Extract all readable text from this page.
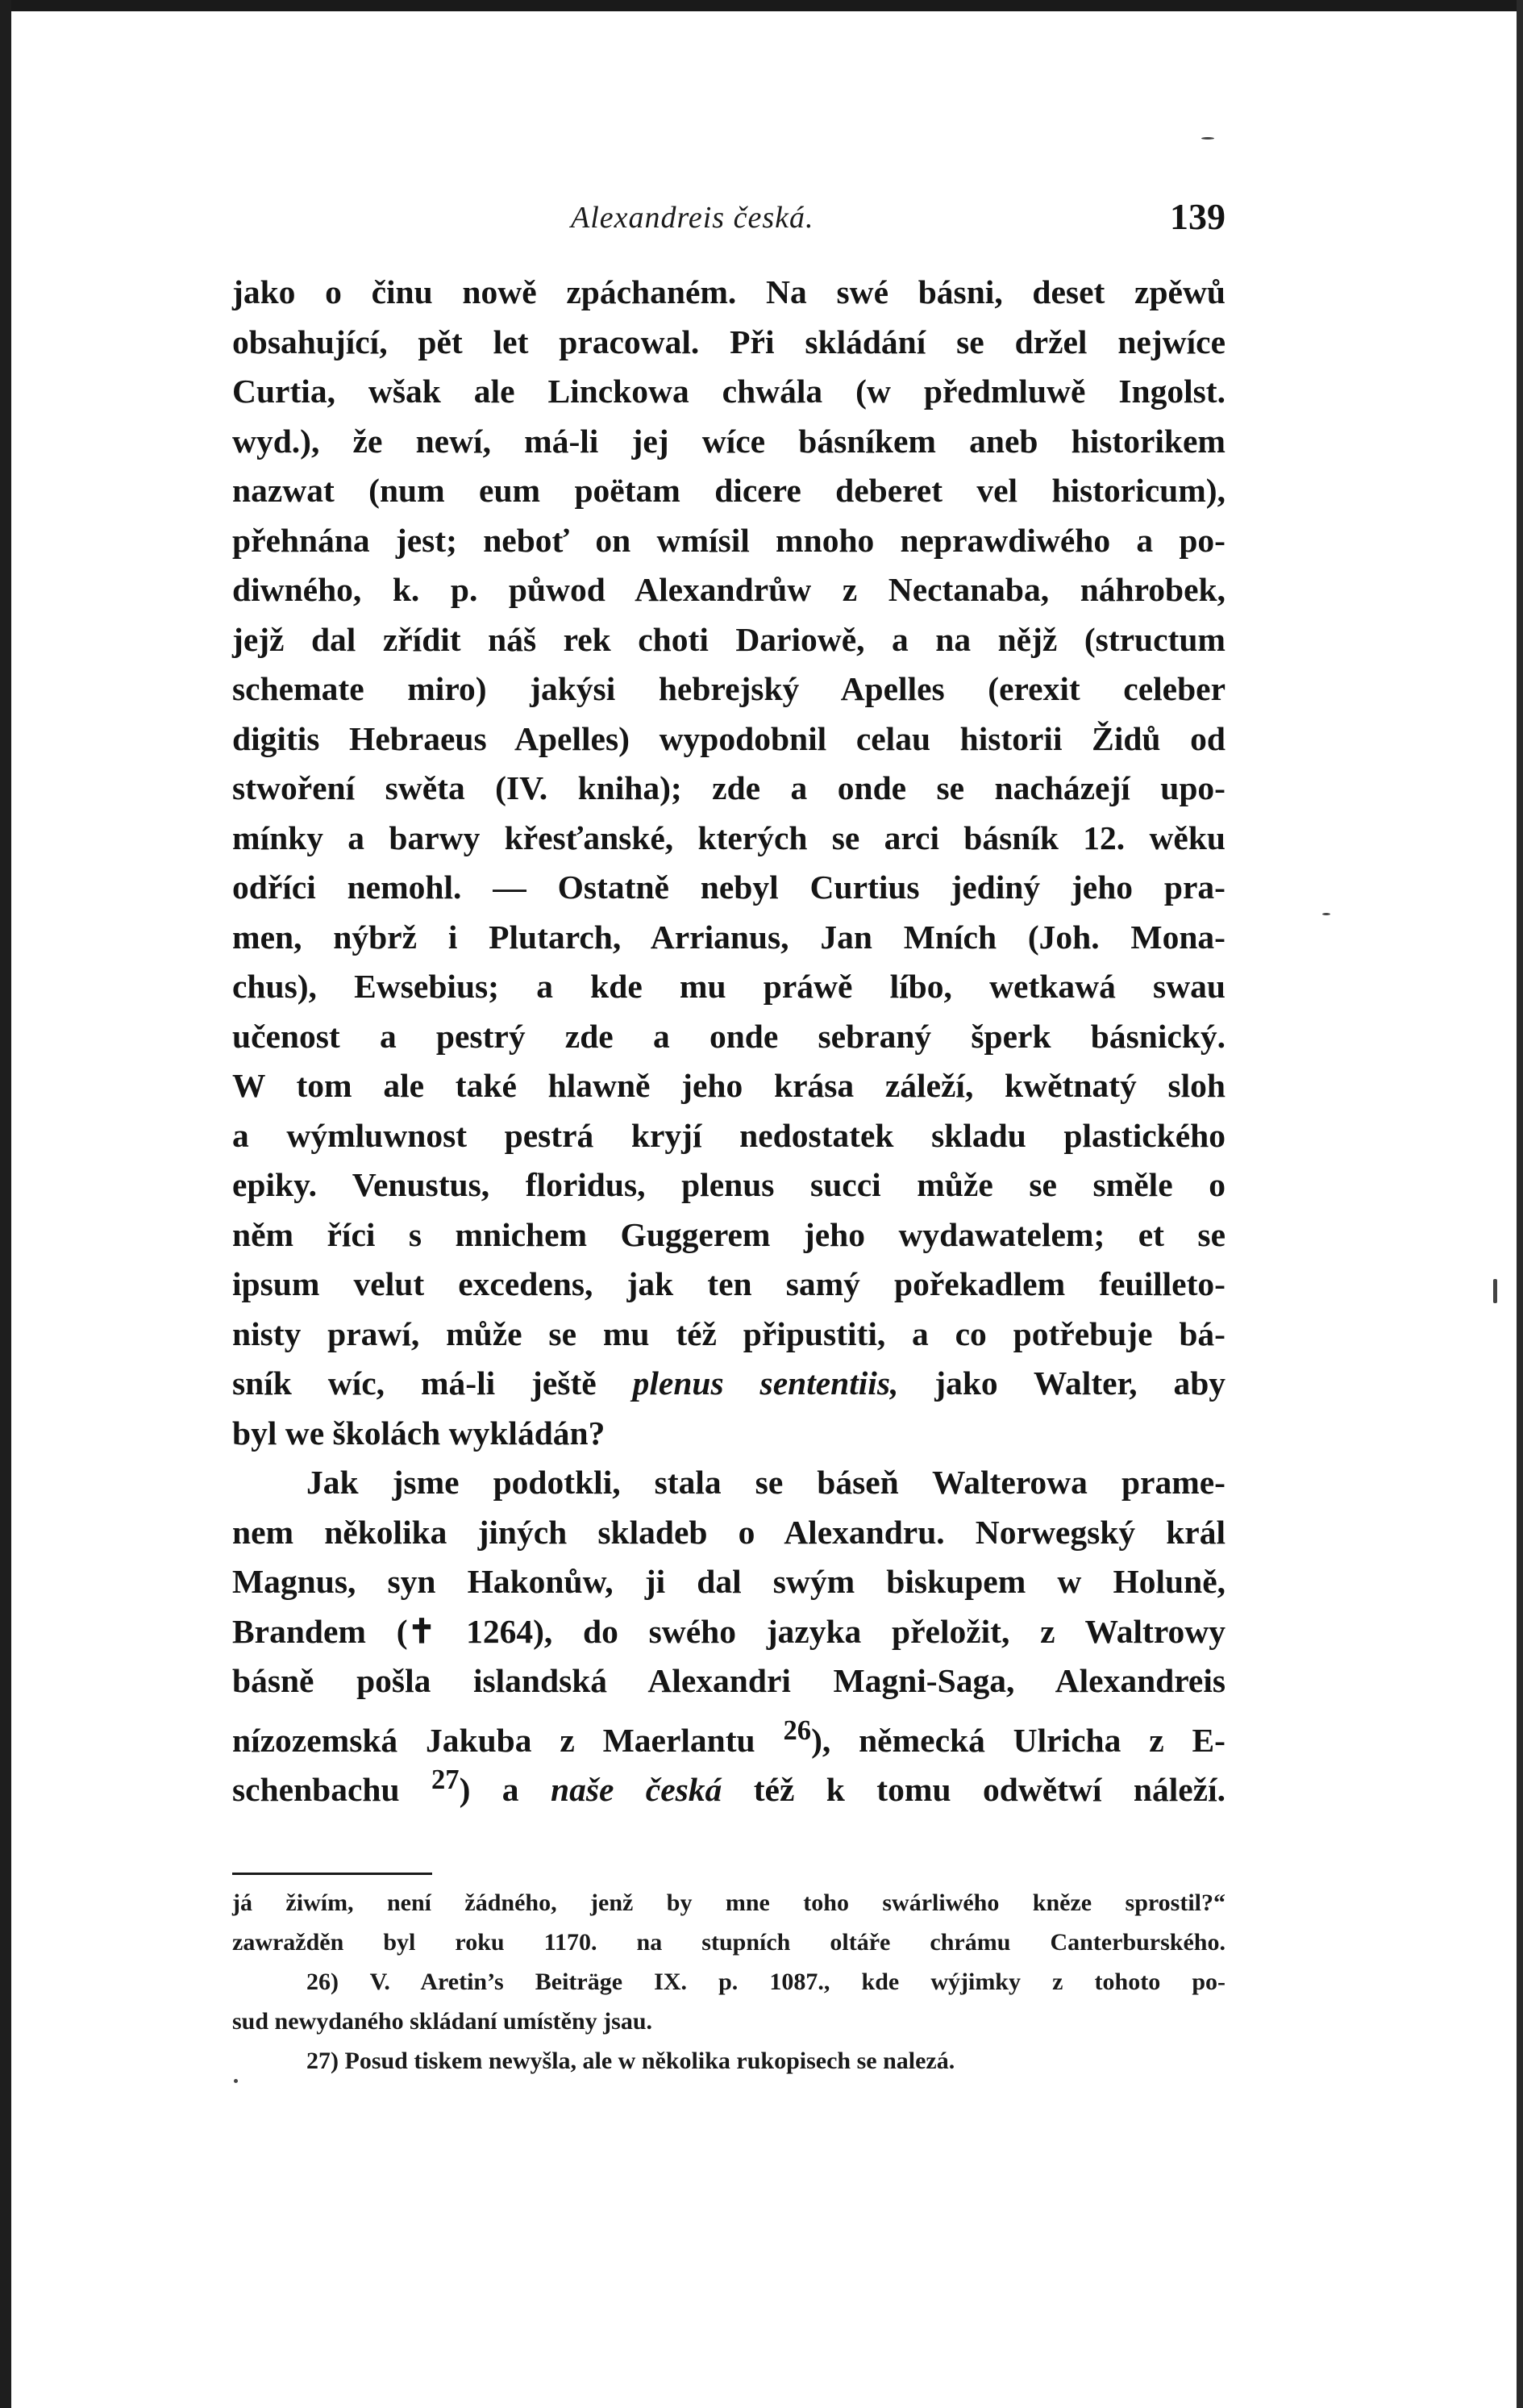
Alexandreis česká.	139
jako o činu nowě zpáchaném. Na swé básni, deset zpěwů
obsahující, pět let pracowal. Při skládání se držel nejwíce
Curtia, wšak ale Linckowa chwála (w předmluwě Ingolst.
wyd.), že newí, má-li jej wíce básníkem aneb historikem
nazwat (num eum poëtam dicere deberet vel historicum),
přehnána jest; neboť on wmísil mnoho neprawdiwého a po-
diwného, k. p. půwod Alexandrůw z Nectanaba, náhrobek,
jejž dal zřídit náš rek choti Dariowě, a na nějž (structum
schemate miro) jakýsi hebrejský Apelles (erexit celeber
digitis Hebraeus Apelles) wypodobnil celau historii Židů od
stwoření swěta (IV. kniha); zde a onde se nacházejí upo-
mínky a barwy křesťanské, kterých se arci básník 12. wěku
odříci nemohl. — Ostatně nebyl Curtius jediný jeho pra-
men, nýbrž i Plutarch, Arrianus, Jan Mních (Joh. Mona-
chus), Ewsebius; a kde mu práwě líbo, wetkawá swau
učenost a pestrý zde a onde sebraný šperk básnický.
W tom ale také hlawně jeho krása záleží, kwětnatý sloh
a wýmluwnost pestrá kryjí nedostatek skladu plastického
epiky. Venustus, floridus, plenus succi může se směle o
něm říci s mnichem Guggerem jeho wydawatelem; et se
ipsum velut excedens, jak ten samý pořekadlem feuilleto-
nisty prawí, může se mu též připustiti, a co potřebuje bá-
sník wíc, má-li ještě plenus sententiis, jako Walter, aby
byl we školách wykládán?
Jak jsme podotkli, stala se báseň Walterowa prame-
nem několika jiných skladeb o Alexandru. Norwegský král
Magnus, syn Hakonůw, ji dal swým biskupem w Holuně,
Brandem (✝ 1264), do swého jazyka přeložit, z Waltrowy
básně pošla islandská Alexandri Magni-Saga, Alexandreis
nízozemská Jakuba z Maerlantu $^{26}$), německá Ulricha z E-
schenbachu $^{27}$) a naše česká též k tomu odwětwí náleží.
já žiwím, není žádného, jenž by mne toho swárliwého kněze sprostil?“
zawražděn byl roku 1170. na stupních oltáře chrámu Canterburského.
26) V. Aretin’s Beiträge IX. p. 1087., kde wýjimky z tohoto po-
sud newydaného skládaní umístěny jsau.
27) Posud tiskem newyšla, ale w několika rukopisech se nalezá.
